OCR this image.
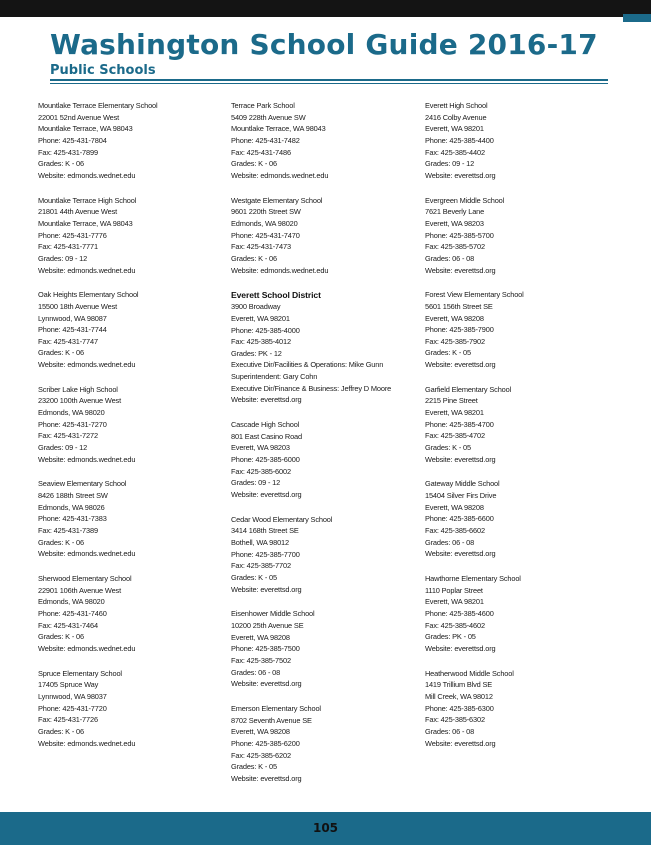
Washington School Guide 2016-17
Public Schools
Mountlake Terrace Elementary School
22001 52nd Avenue West
Mountlake Terrace, WA 98043
Phone: 425-431-7804
Fax: 425-431-7899
Grades: K - 06
Website: edmonds.wednet.edu
Mountlake Terrace High School
21801 44th Avenue West
Mountlake Terrace, WA 98043
Phone: 425-431-7776
Fax: 425-431-7771
Grades: 09 - 12
Website: edmonds.wednet.edu
Oak Heights Elementary School
15500 18th Avenue West
Lynnwood, WA 98087
Phone: 425-431-7744
Fax: 425-431-7747
Grades: K - 06
Website: edmonds.wednet.edu
Scriber Lake High School
23200 100th Avenue West
Edmonds, WA 98020
Phone: 425-431-7270
Fax: 425-431-7272
Grades: 09 - 12
Website: edmonds.wednet.edu
Seaview Elementary School
8426 188th Street SW
Edmonds, WA 98026
Phone: 425-431-7383
Fax: 425-431-7389
Grades: K - 06
Website: edmonds.wednet.edu
Sherwood Elementary School
22901 106th Avenue West
Edmonds, WA 98020
Phone: 425-431-7460
Fax: 425-431-7464
Grades: K - 06
Website: edmonds.wednet.edu
Spruce Elementary School
17405 Spruce Way
Lynnwood, WA 98037
Phone: 425-431-7720
Fax: 425-431-7726
Grades: K - 06
Website: edmonds.wednet.edu
Terrace Park School
5409 228th Avenue SW
Mountlake Terrace, WA 98043
Phone: 425-431-7482
Fax: 425-431-7486
Grades: K - 06
Website: edmonds.wednet.edu
Westgate Elementary School
9601 220th Street SW
Edmonds, WA 98020
Phone: 425-431-7470
Fax: 425-431-7473
Grades: K - 06
Website: edmonds.wednet.edu
Everett School District
3900 Broadway
Everett, WA 98201
Phone: 425-385-4000
Fax: 425-385-4012
Grades: PK - 12
Executive Dir/Facilities & Operations: Mike Gunn
Superintendent: Gary Cohn
Executive Dir/Finance & Business: Jeffrey D Moore
Website: everettsd.org
Cascade High School
801 East Casino Road
Everett, WA 98203
Phone: 425-385-6000
Fax: 425-385-6002
Grades: 09 - 12
Website: everettsd.org
Cedar Wood Elementary School
3414 168th Street SE
Bothell, WA 98012
Phone: 425-385-7700
Fax: 425-385-7702
Grades: K - 05
Website: everettsd.org
Eisenhower Middle School
10200 25th Avenue SE
Everett, WA 98208
Phone: 425-385-7500
Fax: 425-385-7502
Grades: 06 - 08
Website: everettsd.org
Emerson Elementary School
8702 Seventh Avenue SE
Everett, WA 98208
Phone: 425-385-6200
Fax: 425-385-6202
Grades: K - 05
Website: everettsd.org
Everett High School
2416 Colby Avenue
Everett, WA 98201
Phone: 425-385-4400
Fax: 425-385-4402
Grades: 09 - 12
Website: everettsd.org
Evergreen Middle School
7621 Beverly Lane
Everett, WA 98203
Phone: 425-385-5700
Fax: 425-385-5702
Grades: 06 - 08
Website: everettsd.org
Forest View Elementary School
5601 156th Street SE
Everett, WA 98208
Phone: 425-385-7900
Fax: 425-385-7902
Grades: K - 05
Website: everettsd.org
Garfield Elementary School
2215 Pine Street
Everett, WA 98201
Phone: 425-385-4700
Fax: 425-385-4702
Grades: K - 05
Website: everettsd.org
Gateway Middle School
15404 Silver Firs Drive
Everett, WA 98208
Phone: 425-385-6600
Fax: 425-385-6602
Grades: 06 - 08
Website: everettsd.org
Hawthorne Elementary School
1110 Poplar Street
Everett, WA 98201
Phone: 425-385-4600
Fax: 425-385-4602
Grades: PK - 05
Website: everettsd.org
Heatherwood Middle School
1419 Trillium Blvd SE
Mill Creek, WA 98012
Phone: 425-385-6300
Fax: 425-385-6302
Grades: 06 - 08
Website: everettsd.org
105
